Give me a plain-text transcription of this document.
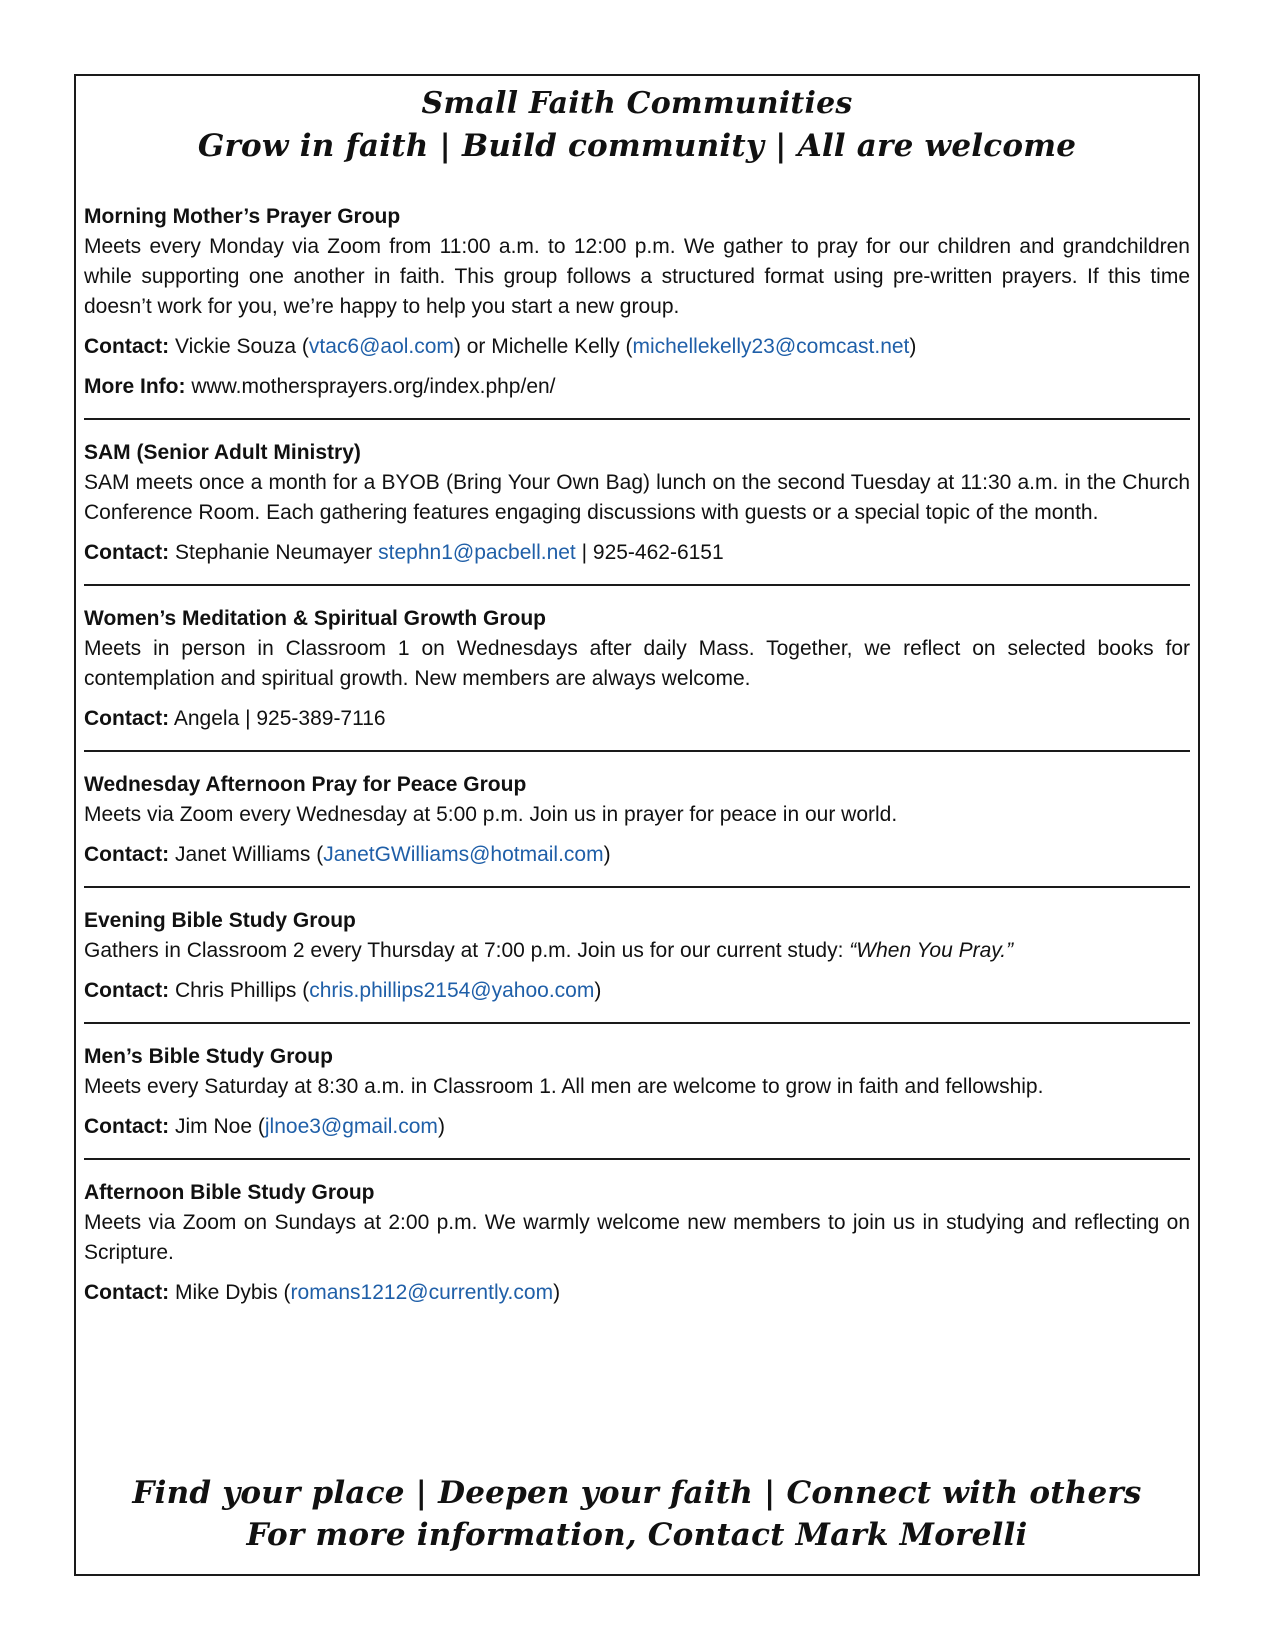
Small Faith Communities
Grow in faith | Build community | All are welcome
Morning Mother’s Prayer Group

Meets every Monday via Zoom from 11:00 a.m. to 12:00 p.m. We gather to pray for our children and grandchildren while supporting one another in faith. This group follows a structured format using pre-written prayers. If this time doesn’t work for you, we’re happy to help you start a new group.

Contact: Vickie Souza (vtac6@aol.com) or Michelle Kelly (michellekelly23@comcast.net)

More Info: www.mothersprayers.org/index.php/en/

SAM (Senior Adult Ministry)

SAM meets once a month for a BYOB (Bring Your Own Bag) lunch on the second Tuesday at 11:30 a.m. in the Church Conference Room. Each gathering features engaging discussions with guests or a special topic of the month.

Contact: Stephanie Neumayer stephn1@pacbell.net | 925-462-6151

Women’s Meditation & Spiritual Growth Group

Meets in person in Classroom 1 on Wednesdays after daily Mass. Together, we reflect on selected books for contemplation and spiritual growth. New members are always welcome.

Contact: Angela | 925-389-7116

Wednesday Afternoon Pray for Peace Group

Meets via Zoom every Wednesday at 5:00 p.m. Join us in prayer for peace in our world.

Contact: Janet Williams (JanetGWilliams@hotmail.com)

Evening Bible Study Group

Gathers in Classroom 2 every Thursday at 7:00 p.m. Join us for our current study: “When You Pray.”

Contact: Chris Phillips (chris.phillips2154@yahoo.com)

Men’s Bible Study Group

Meets every Saturday at 8:30 a.m. in Classroom 1. All men are welcome to grow in faith and fellowship.

Contact: Jim Noe (jlnoe3@gmail.com)

Afternoon Bible Study Group

Meets via Zoom on Sundays at 2:00 p.m. We warmly welcome new members to join us in studying and reflecting on Scripture.

Contact: Mike Dybis (romans1212@currently.com)

Find your place | Deepen your faith | Connect with others
For more information, Contact Mark Morelli
